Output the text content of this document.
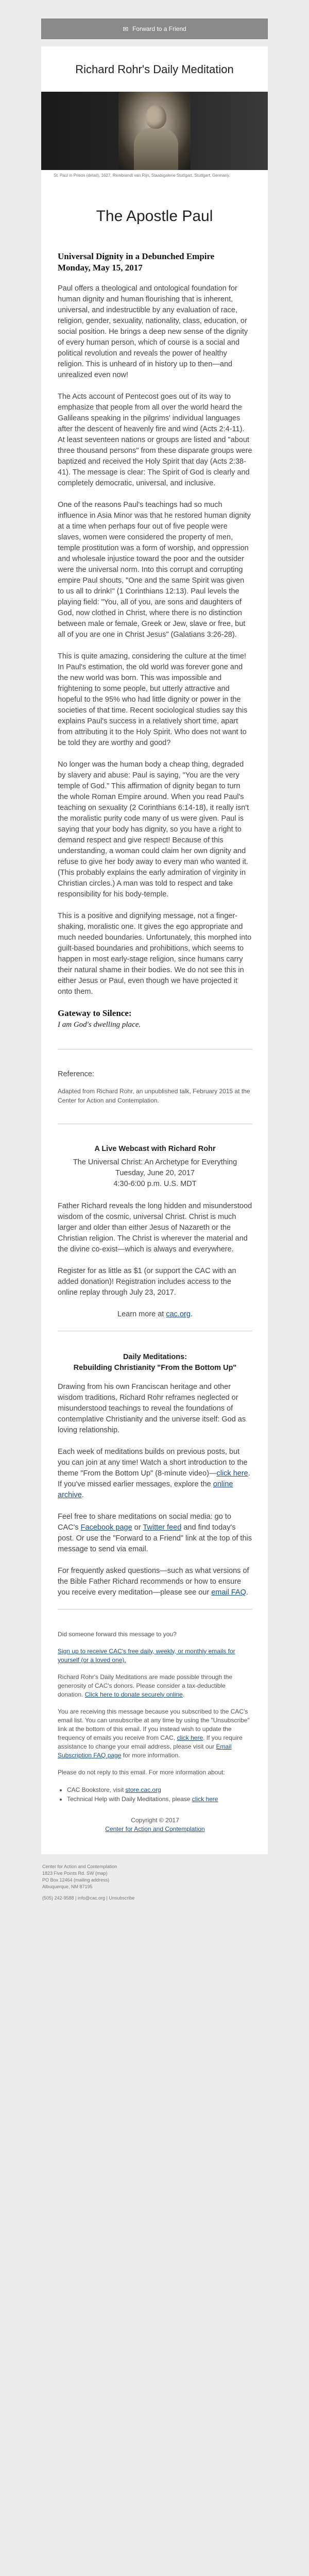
✉ Forward to a Friend
Richard Rohr's Daily Meditation
St. Paul in Prison (detail), 1627, Rembrandt van Rijn, Staatsgalerie Stuttgart, Stuttgart, Germany.
The Apostle Paul

Universal Dignity in a Debunched Empire

Monday, May 15, 2017

Paul offers a theological and ontological foundation for human dignity and human flourishing that is inherent, universal, and indestructible by any evaluation of race, religion, gender, sexuality, nationality, class, education, or social position. He brings a deep new sense of the dignity of every human person, which of course is a social and political revolution and reveals the power of healthy religion. This is unheard of in history up to then—and unrealized even now!

The Acts account of Pentecost goes out of its way to emphasize that people from all over the world heard the Galileans speaking in the pilgrims' individual languages after the descent of heavenly fire and wind (Acts 2:4-11). At least seventeen nations or groups are listed and "about three thousand persons" from these disparate groups were baptized and received the Holy Spirit that day (Acts 2:38-41). The message is clear: The Spirit of God is clearly and completely democratic, universal, and inclusive.

One of the reasons Paul's teachings had so much influence in Asia Minor was that he restored human dignity at a time when perhaps four out of five people were slaves, women were considered the property of men, temple prostitution was a form of worship, and oppression and wholesale injustice toward the poor and the outsider were the universal norm. Into this corrupt and corrupting empire Paul shouts, "One and the same Spirit was given to us all to drink!" (1 Corinthians 12:13). Paul levels the playing field: "You, all of you, are sons and daughters of God, now clothed in Christ, where there is no distinction between male or female, Greek or Jew, slave or free, but all of you are one in Christ Jesus" (Galatians 3:26-28).

This is quite amazing, considering the culture at the time! In Paul's estimation, the old world was forever gone and the new world was born. This was impossible and frightening to some people, but utterly attractive and hopeful to the 95% who had little dignity or power in the societies of that time. Recent sociological studies say this explains Paul's success in a relatively short time, apart from attributing it to the Holy Spirit. Who does not want to be told they are worthy and good?

No longer was the human body a cheap thing, degraded by slavery and abuse: Paul is saying, "You are the very temple of God." This affirmation of dignity began to turn the whole Roman Empire around. When you read Paul's teaching on sexuality (2 Corinthians 6:14-18), it really isn't the moralistic purity code many of us were given. Paul is saying that your body has dignity, so you have a right to demand respect and give respect! Because of this understanding, a woman could claim her own dignity and refuse to give her body away to every man who wanted it. (This probably explains the early admiration of virginity in Christian circles.) A man was told to respect and take responsibility for his body-temple.

This is a positive and dignifying message, not a finger-shaking, moralistic one. It gives the ego appropriate and much needed boundaries. Unfortunately, this morphed into guilt-based boundaries and prohibitions, which seems to happen in most early-stage religion, since humans carry their natural shame in their bodies. We do not see this in either Jesus or Paul, even though we have projected it onto them.

Gateway to Silence:

I am God's dwelling place.

Reference:

Adapted from Richard Rohr, an unpublished talk, February 2015 at the Center for Action and Contemplation.

A Live Webcast with Richard Rohr

The Universal Christ: An Archetype for Everything

Tuesday, June 20, 2017

4:30-6:00 p.m. U.S. MDT

Father Richard reveals the long hidden and misunderstood wisdom of the cosmic, universal Christ. Christ is much larger and older than either Jesus of Nazareth or the Christian religion. The Christ is wherever the material and the divine co-exist—which is always and everywhere.

Register for as little as $1 (or support the CAC with an added donation)! Registration includes access to the online replay through July 23, 2017.

Learn more at cac.org.

Daily Meditations:
Rebuilding Christianity "From the Bottom Up"

Drawing from his own Franciscan heritage and other wisdom traditions, Richard Rohr reframes neglected or misunderstood teachings to reveal the foundations of contemplative Christianity and the universe itself: God as loving relationship.

Each week of meditations builds on previous posts, but you can join at any time! Watch a short introduction to the theme "From the Bottom Up" (8-minute video)—click here. If you've missed earlier messages, explore the online archive.

Feel free to share meditations on social media: go to CAC's Facebook page or Twitter feed and find today's post. Or use the "Forward to a Friend" link at the top of this message to send via email.

For frequently asked questions—such as what versions of the Bible Father Richard recommends or how to ensure you receive every meditation—please see our email FAQ.

Did someone forward this message to you?

Sign up to receive CAC's free daily, weekly, or monthly emails for yourself (or a loved one).

Richard Rohr's Daily Meditations are made possible through the generosity of CAC's donors. Please consider a tax-deductible donation. Click here to donate securely online.

You are receiving this message because you subscribed to the CAC's email list. You can unsubscribe at any time by using the "Unsubscribe" link at the bottom of this email. If you instead wish to update the frequency of emails you receive from CAC, click here. If you require assistance to change your email address, please visit our Email Subscription FAQ page for more information.

Please do not reply to this email. For more information about:

• CAC Bookstore, visit store.cac.org
• Technical Help with Daily Meditations, please click here

Copyright © 2017
Center for Action and Contemplation

Center for Action and Contemplation

1823 Five Points Rd. SW (map)

PO Box 12464 (mailing address)

Albuquerque, NM 87195

(505) 242-9588 | info@cac.org | Unsubscribe
